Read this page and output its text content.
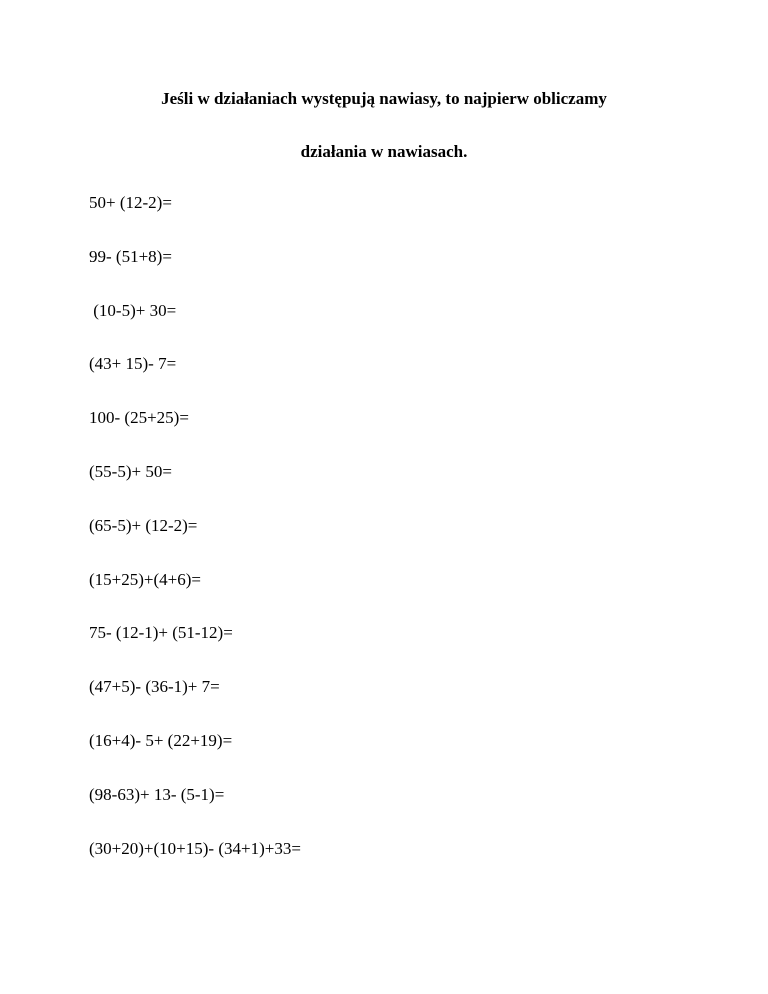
Jeśli w działaniach występują nawiasy, to najpierw obliczamy

działania w nawiasach.

50+ (12-2)=
99- (51+8)=
(10-5)+ 30=
(43+ 15)- 7=
100- (25+25)=
(55-5)+ 50=
(65-5)+ (12-2)=
(15+25)+(4+6)=
75- (12-1)+ (51-12)=
(47+5)- (36-1)+ 7=
(16+4)- 5+ (22+19)=
(98-63)+ 13- (5-1)=
(30+20)+(10+15)- (34+1)+33=
